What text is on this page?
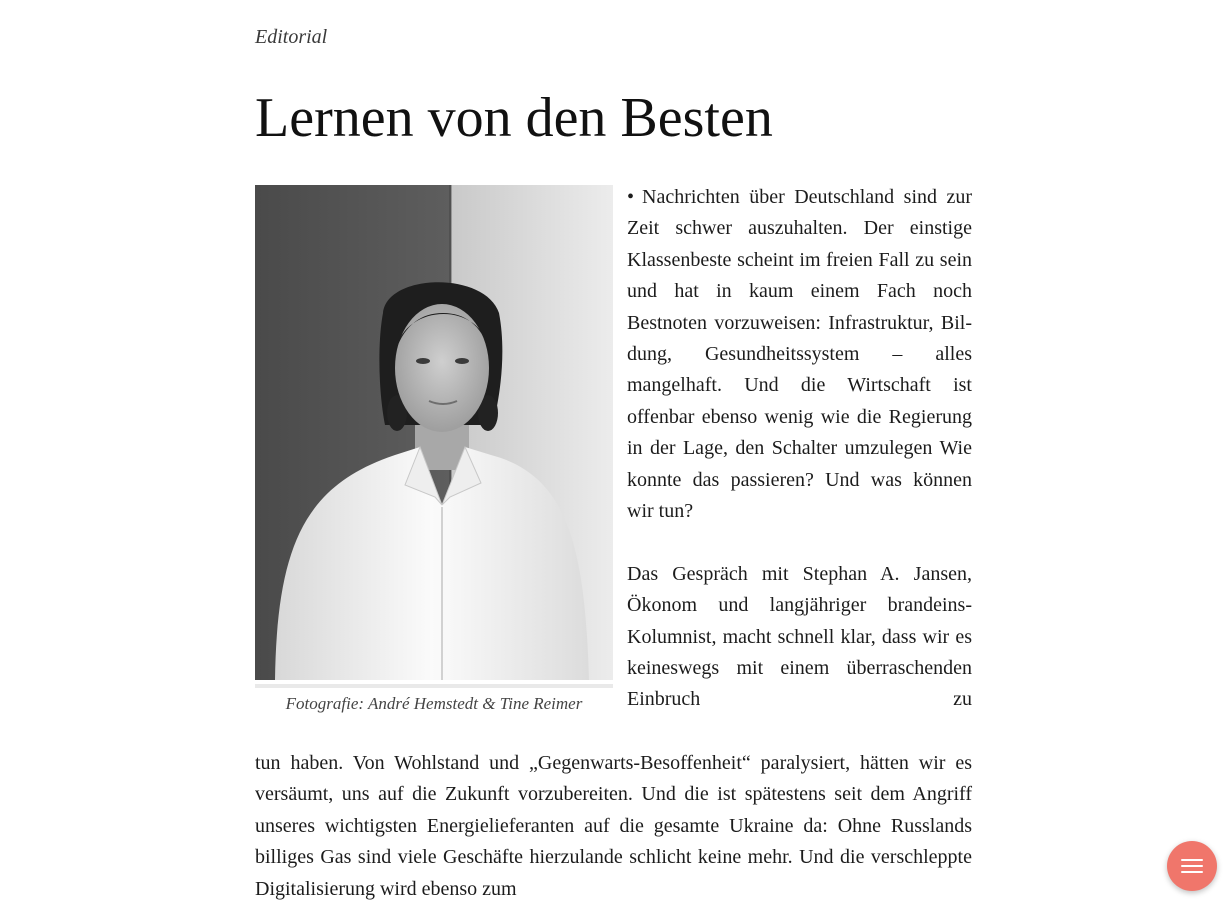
Editorial
Lernen von den Besten
Fotografie: André Hemstedt & Tine Reimer

• Nachrichten über Deutschland sind zur Zeit schwer auszuhalten. Der einstige Klassenbeste scheint im freien Fall zu sein und hat in kaum einem Fach noch Bestnoten vorzuweisen: Infrastruktur, Bildung, Gesundheitssystem – alles mangelhaft. Und die Wirtschaft ist offenbar ebenso wenig wie die Regierung in der Lage, den Schalter umzulegen Wie konnte das passieren? Und was können wir tun?

Das Gespräch mit Stephan A. Jansen, Ökonom und langjähriger brandeins-Kolumnist, macht schnell klar, dass wir es keineswegs mit einem überraschenden Einbruch zu

tun haben. Von Wohlstand und „Gegenwarts-Besoffenheit“ paralysiert, hätten wir es versäumt, uns auf die Zukunft vorzubereiten. Und die ist spätestens seit dem Angriff unseres wichtigsten Energielieferanten auf die gesamte Ukraine da: Ohne Russlands billiges Gas sind viele Geschäfte hierzulande schlicht keine mehr. Und die verschleppte Digitalisierung wird ebenso zum
